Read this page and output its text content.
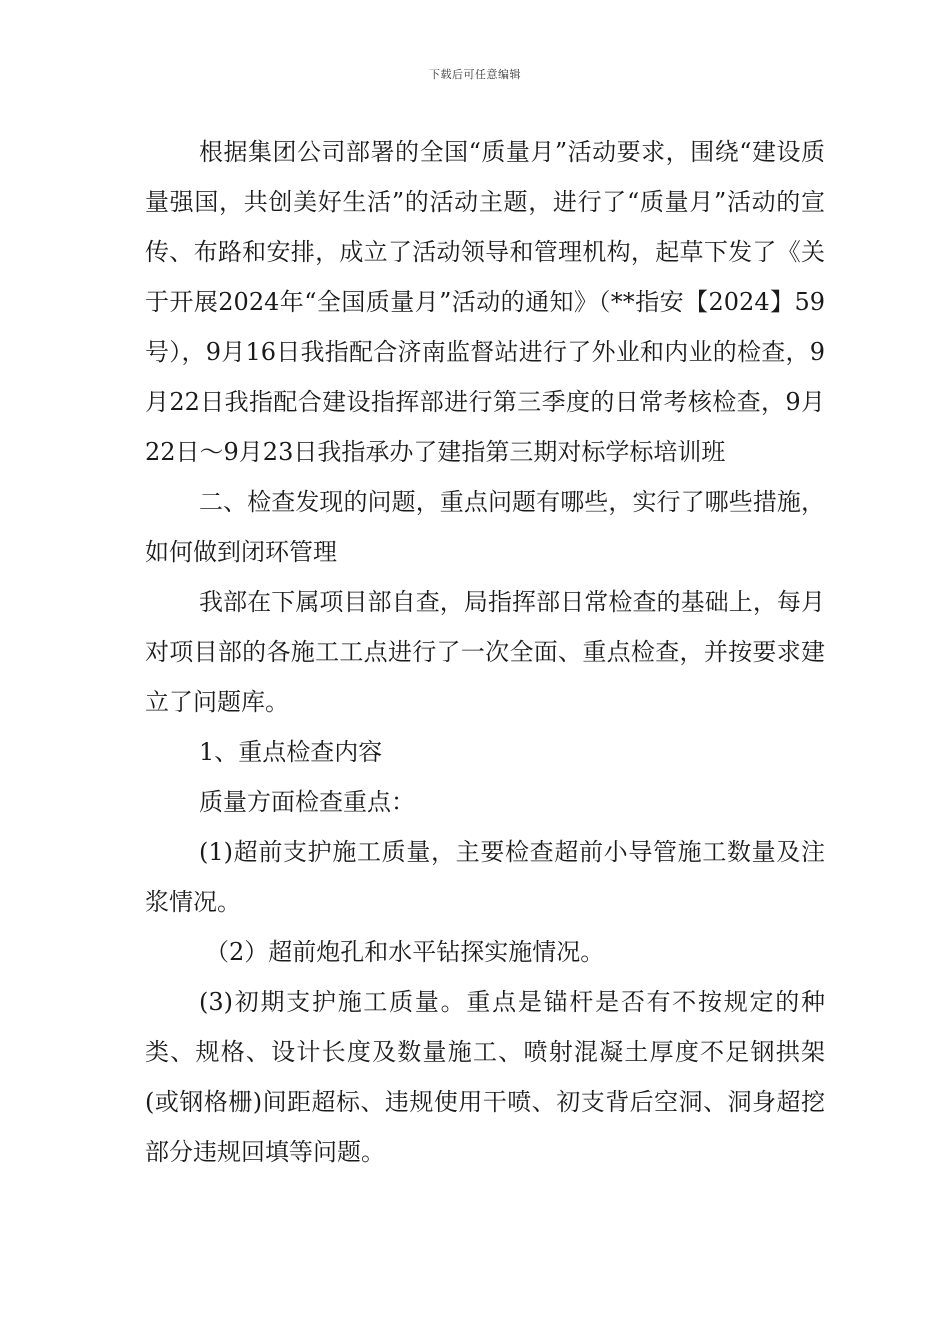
下载后可任意编辑

根据集团公司部署的全国“质量月”活动要求，围绕“建设质量强国，共创美好生活”的活动主题，进行了“质量月”活动的宣传、布路和安排，成立了活动领导和管理机构，起草下发了《关于开展2024年“全国质量月”活动的通知》（**指安【2024】59号），9月16日我指配合济南监督站进行了外业和内业的检查，9月22日我指配合建设指挥部进行第三季度的日常考核检查，9月22日～9月23日我指承办了建指第三期对标学标培训班

二、检查发现的问题，重点问题有哪些，实行了哪些措施，如何做到闭环管理

我部在下属项目部自查，局指挥部日常检查的基础上，每月对项目部的各施工工点进行了一次全面、重点检查，并按要求建立了问题库。

1、重点检查内容

质量方面检查重点：

(1)超前支护施工质量，主要检查超前小导管施工数量及注浆情况。

（2）超前炮孔和水平钻探实施情况。

(3)初期支护施工质量。重点是锚杆是否有不按规定的种类、规格、设计长度及数量施工、喷射混凝土厚度不足钢拱架(或钢格栅)间距超标、违规使用干喷、初支背后空洞、洞身超挖部分违规回填等问题。
